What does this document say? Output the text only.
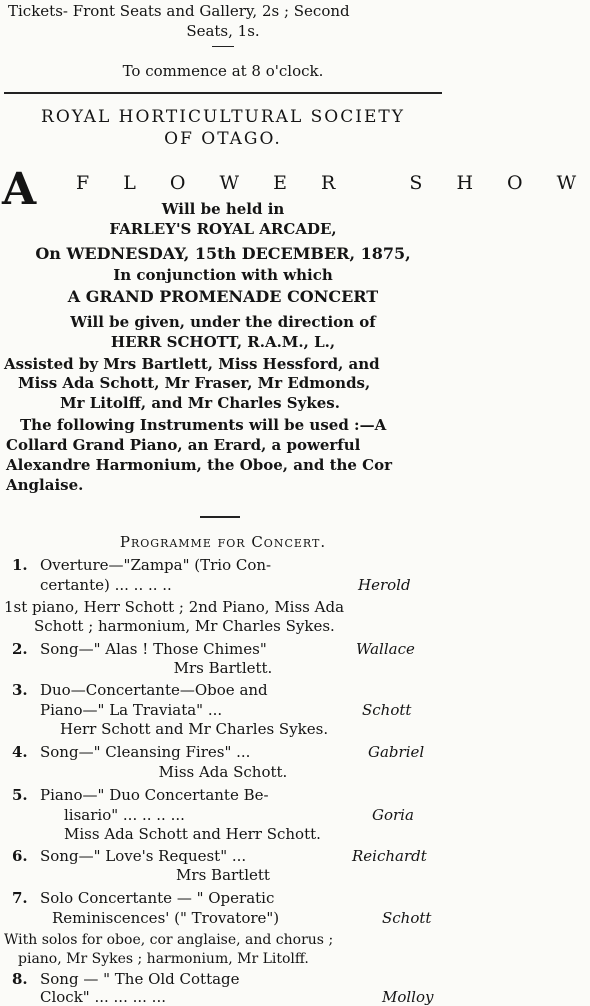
Tickets- Front Seats and Gallery, 2s ; Second
Seats, 1s.
To commence at 8 o'clock.
ROYAL HORTICULTURAL SOCIETY
OF OTAGO.
A F L O W E R   S H O W
Will be held in
FARLEY'S ROYAL ARCADE,
On WEDNESDAY, 15th DECEMBER, 1875,
In conjunction with which
A GRAND PROMENADE CONCERT
Will be given, under the direction of
HERR SCHOTT, R.A.M., L.,
Assisted by Mrs Bartlett, Miss Hessford, and
Miss Ada Schott, Mr Fraser, Mr Edmonds,
Mr Litolff, and Mr Charles Sykes.
The following Instruments will be used :—A
Collard Grand Piano, an Erard, a powerful
Alexandre Harmonium, the Oboe, and the Cor
Anglaise.
Programme for Concert.
1. Overture—"Zampa" (Trio Con-
certante) ... .. .. ..	Herold
1st piano, Herr Schott ; 2nd Piano, Miss Ada
Schott ; harmonium, Mr Charles Sykes.
2. Song—" Alas ! Those Chimes"	Wallace
Mrs Bartlett.
3. Duo—Concertante—Oboe and
Piano—" La Traviata" ...	Schott
Herr Schott and Mr Charles Sykes.
4. Song—" Cleansing Fires" ...	Gabriel
Miss Ada Schott.
5. Piano—" Duo Concertante Be-
lisario" ... .. .. ...	Goria
Miss Ada Schott and Herr Schott.
6. Song—" Love's Request" ...	Reichardt
Mrs Bartlett
7. Solo Concertante — " Operatic
Reminiscences' (" Trovatore")	Schott
With solos for oboe, cor anglaise, and chorus ;
piano, Mr Sykes ; harmonium, Mr Litolff.
8. Song — " The Old Cottage
Clock" ... ... ... ...	Molloy
